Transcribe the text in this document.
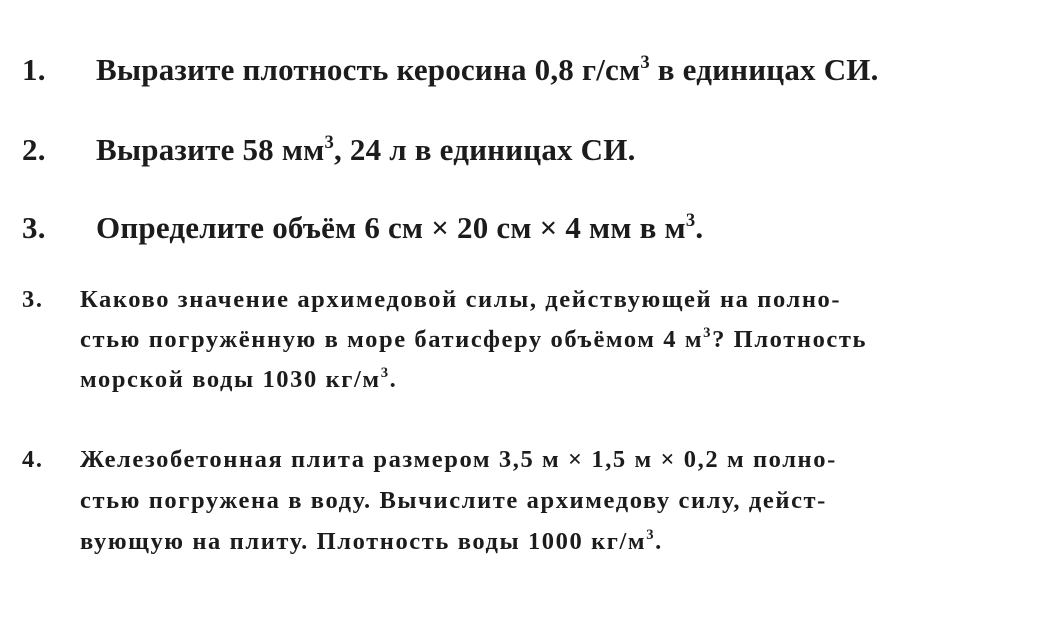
1. Выразите плотность керосина 0,8 $г/см^3$ в единицах СИ.
2. Выразите 58 $мм^3$, 24 л в единицах СИ.
3. Определите объём 6 см × 20 см × 4 мм в $м^3$.
3. Каково значение архимедовой силы, действующей на полно-
стью погружённую в море батисферу объёмом 4 $м^3$? Плотность
морской воды 1030 $кг/м^3$.
4. Железобетонная плита размером 3,5 м × 1,5 м × 0,2 м полно-
стью погружена в воду. Вычислите архимедову силу, дейст-
вующую на плиту. Плотность воды 1000 $кг/м^3$.
